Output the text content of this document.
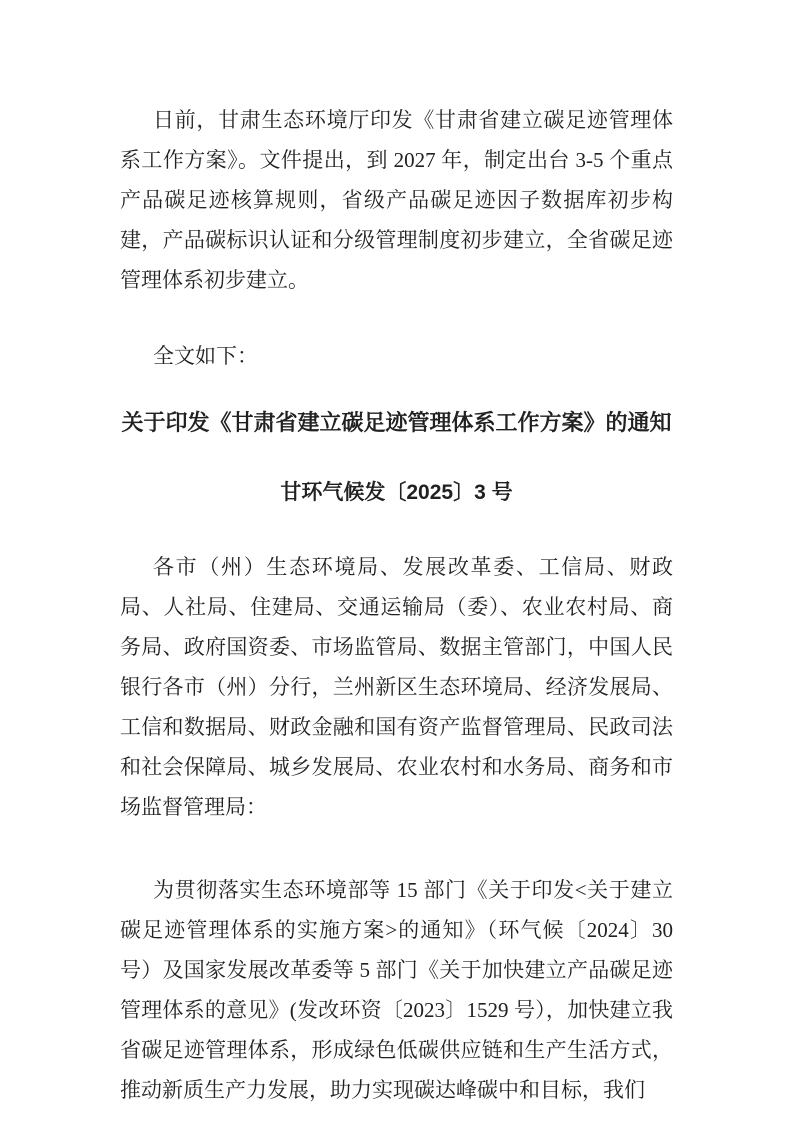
日前，甘肃生态环境厅印发《甘肃省建立碳足迹管理体系工作方案》。文件提出，到 2027 年，制定出台 3-5 个重点产品碳足迹核算规则，省级产品碳足迹因子数据库初步构建，产品碳标识认证和分级管理制度初步建立，全省碳足迹管理体系初步建立。

全文如下：

关于印发《甘肃省建立碳足迹管理体系工作方案》的通知

甘环气候发〔2025〕3 号

各市（州）生态环境局、发展改革委、工信局、财政局、人社局、住建局、交通运输局（委）、农业农村局、商务局、政府国资委、市场监管局、数据主管部门，中国人民银行各市（州）分行，兰州新区生态环境局、经济发展局、工信和数据局、财政金融和国有资产监督管理局、民政司法和社会保障局、城乡发展局、农业农村和水务局、商务和市场监督管理局：

为贯彻落实生态环境部等 15 部门《关于印发<关于建立碳足迹管理体系的实施方案>的通知》（环气候〔2024〕30 号）及国家发展改革委等 5 部门《关于加快建立产品碳足迹管理体系的意见》(发改环资〔2023〕1529 号），加快建立我省碳足迹管理体系，形成绿色低碳供应链和生产生活方式，推动新质生产力发展，助力实现碳达峰碳中和目标，我们
